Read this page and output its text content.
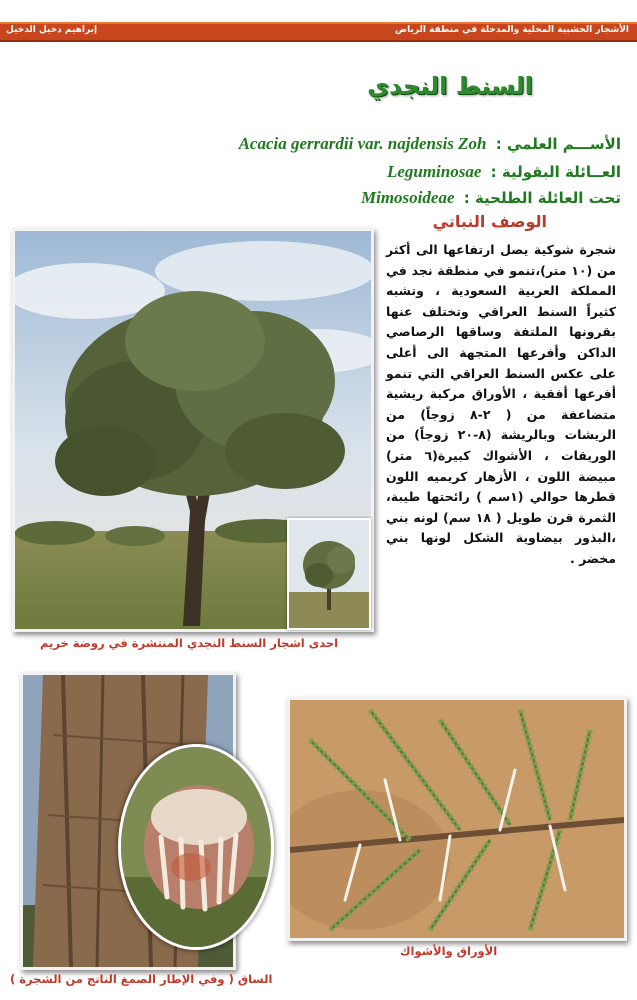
إبراهيم دخيل الدخيل	الأشجار الخشبية المحلية والمدخلة في منطقة الرياض
السنط النجدي
الأســـم العلمي : Acacia gerrardii var. najdensis Zoh
العــائلة البقولية : Leguminosae
تحت العائلة الطلحية : Mimosoideae
الوصف النباتي
شجرة شوكية يصل ارتفاعها الى أكثر من (١٠ متر)،تنمو في منطقة نجد في المملكة العربية السعودية ، وتشبه كثيراً السنط العراقي وتختلف عنها بقرونها الملتفة وساقها الرصاصي الداكن وأفرعها المتجهة الى أعلى على عكس السنط العراقي التي تنمو أفرعها أفقية ، الأوراق مركبة ريشية متضاعفة من ( ٢-٨ زوجاً) من الريشات وبالريشة (٨-٢٠ زوجاً) من الوريقات ، الأشواك كبيرة(٦ متر) مبيضة اللون ، الأزهار كريميه اللون قطرها حوالي (١سم ) رائحتها طيبة، الثمرة قرن طويل ( ١٨ سم) لونه بني ،البذور بيضاوية الشكل لونها بني مخضر .
احدى اشجار السنط النجدي المنتشرة في روضة خريم
الساق ( وفي الإطار الصمغ الناتج من الشجرة )
الأوراق والأشواك
